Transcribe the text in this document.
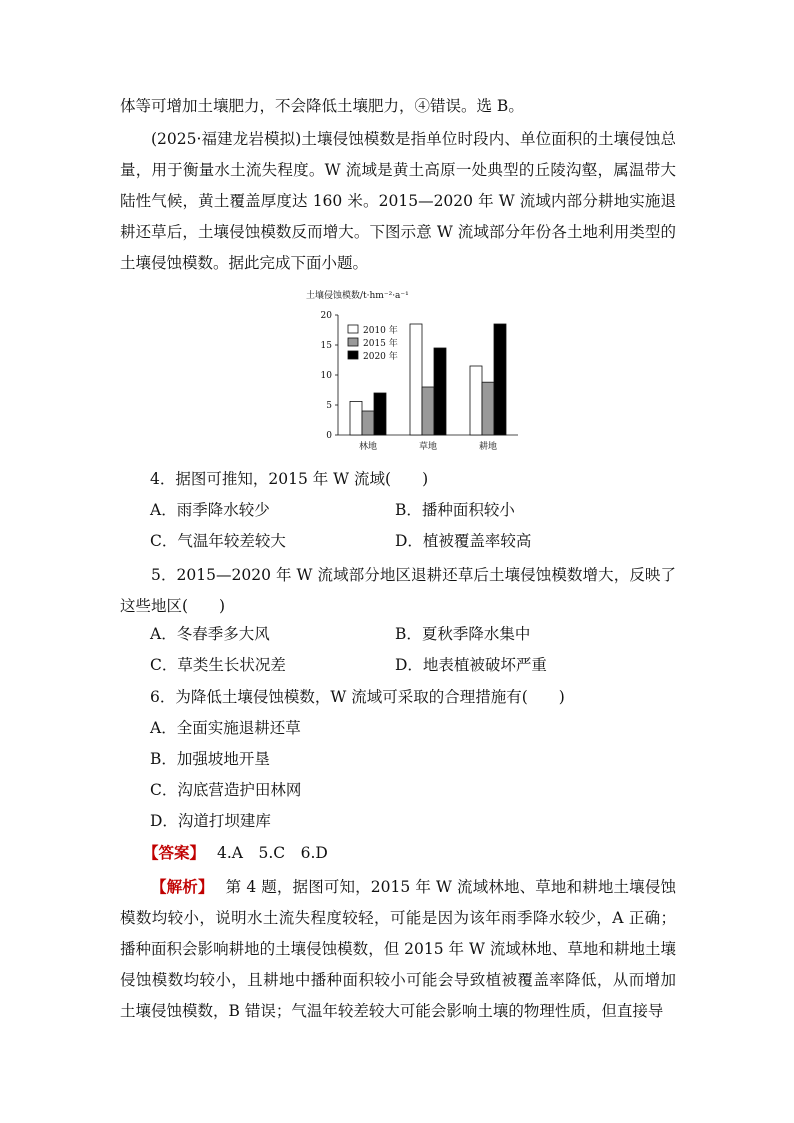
体等可增加土壤肥力，不会降低土壤肥力，④错误。选 B。

(2025·福建龙岩模拟)土壤侵蚀模数是指单位时段内、单位面积的土壤侵蚀总量，用于衡量水土流失程度。W 流域是黄土高原一处典型的丘陵沟壑，属温带大陆性气候，黄土覆盖厚度达 160 米。2015—2020 年 W 流域内部分耕地实施退耕还草后，土壤侵蚀模数反而增大。下图示意 W 流域部分年份各土地利用类型的土壤侵蚀模数。据此完成下面小题。

土壤侵蚀模数/t·hm⁻²·a⁻¹
0
5
10
15
20
林地	草地	耕地
2010 年
2015 年
2020 年

4．据图可推知，2015 年 W 流域(　　)

A．雨季降水较少	B．播种面积较小
C．气温年较差较大	D．植被覆盖率较高

5．2015—2020 年 W 流域部分地区退耕还草后土壤侵蚀模数增大，反映了这些地区(　　)

A．冬春季多大风	B．夏秋季降水集中
C．草类生长状况差	D．地表植被破坏严重

6．为降低土壤侵蚀模数，W 流域可采取的合理措施有(　　)

A．全面实施退耕还草
B．加强坡地开垦
C．沟底营造护田林网
D．沟道打坝建库

【答案】 4.A　5.C　6.D

【解析】 第 4 题，据图可知，2015 年 W 流域林地、草地和耕地土壤侵蚀模数均较小，说明水土流失程度较轻，可能是因为该年雨季降水较少，A 正确；播种面积会影响耕地的土壤侵蚀模数，但 2015 年 W 流域林地、草地和耕地土壤侵蚀模数均较小，且耕地中播种面积较小可能会导致植被覆盖率降低，从而增加土壤侵蚀模数，B 错误；气温年较差较大可能会影响土壤的物理性质，但直接导
